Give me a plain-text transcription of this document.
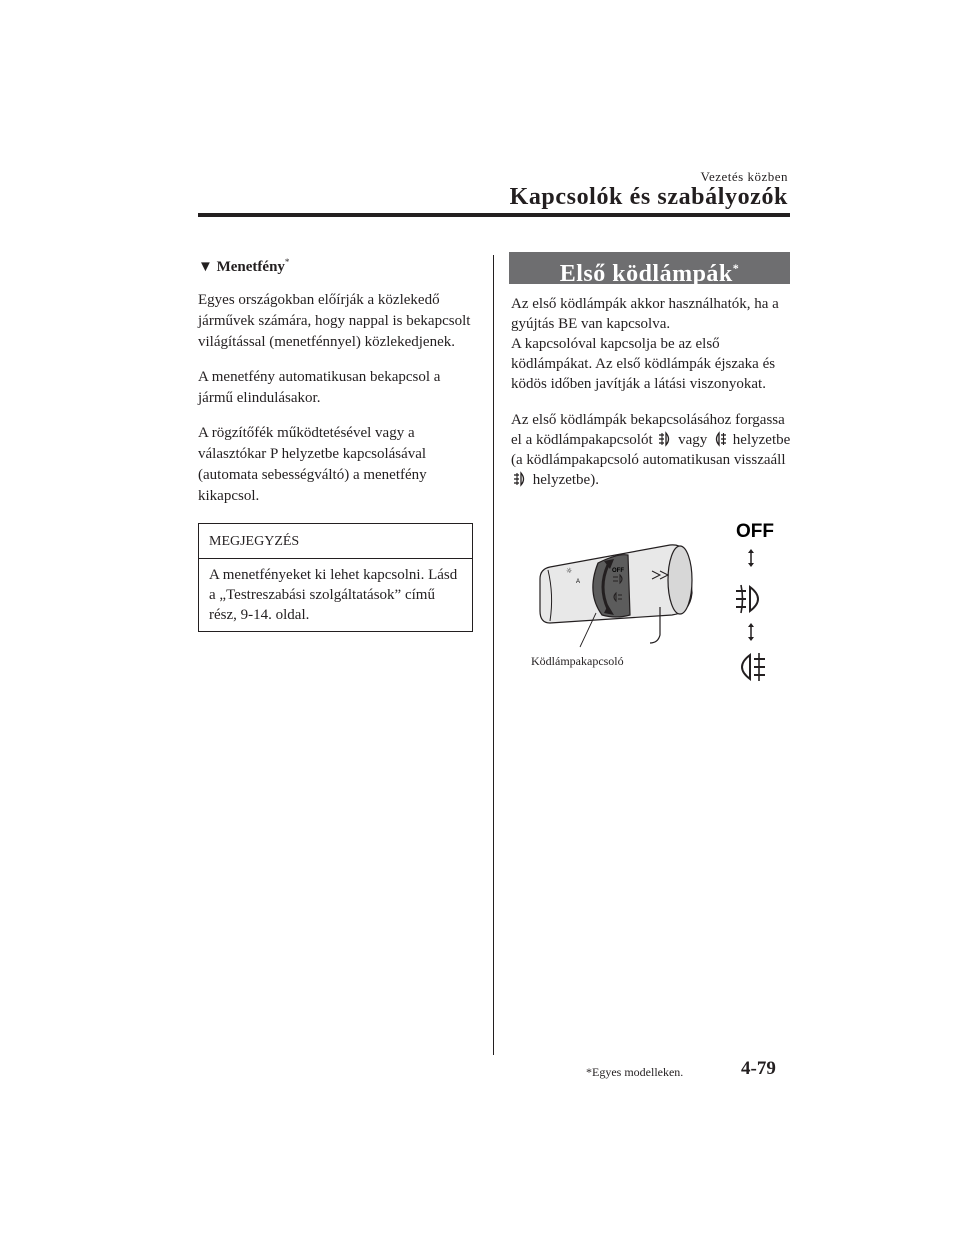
Vezetés közben
Kapcsolók és szabályozók
▼ Menetfény*

Egyes országokban előírják a közlekedő járművek számára, hogy nappal is bekapcsolt világítással (menetfénnyel) közlekedjenek.

A menetfény automatikusan bekapcsol a jármű elindulásakor.

A rögzítőfék működtetésével vagy a választókar P helyzetbe kapcsolásával (automata sebességváltó) a menetfény kikapcsol.

MEGJEGYZÉS
A menetfényeket ki lehet kapcsolni. Lásd a „Testreszabási szolgáltatások” című rész, 9-14. oldal.
Első ködlámpák*

Az első ködlámpák akkor használhatók, ha a gyújtás BE van kapcsolva.
A kapcsolóval kapcsolja be az első ködlámpákat. Az első ködlámpák éjszaka és ködös időben javítják a látási viszonyokat.

Az első ködlámpák bekapcsolásához forgassa el a ködlámpakapcsolót vagy helyzetbe (a ködlámpakapcsoló automatikusan visszaáll  helyzetbe).

OFF
A
☼
OFF
Ködlámpakapcsoló
*Egyes modelleken.	4-79
